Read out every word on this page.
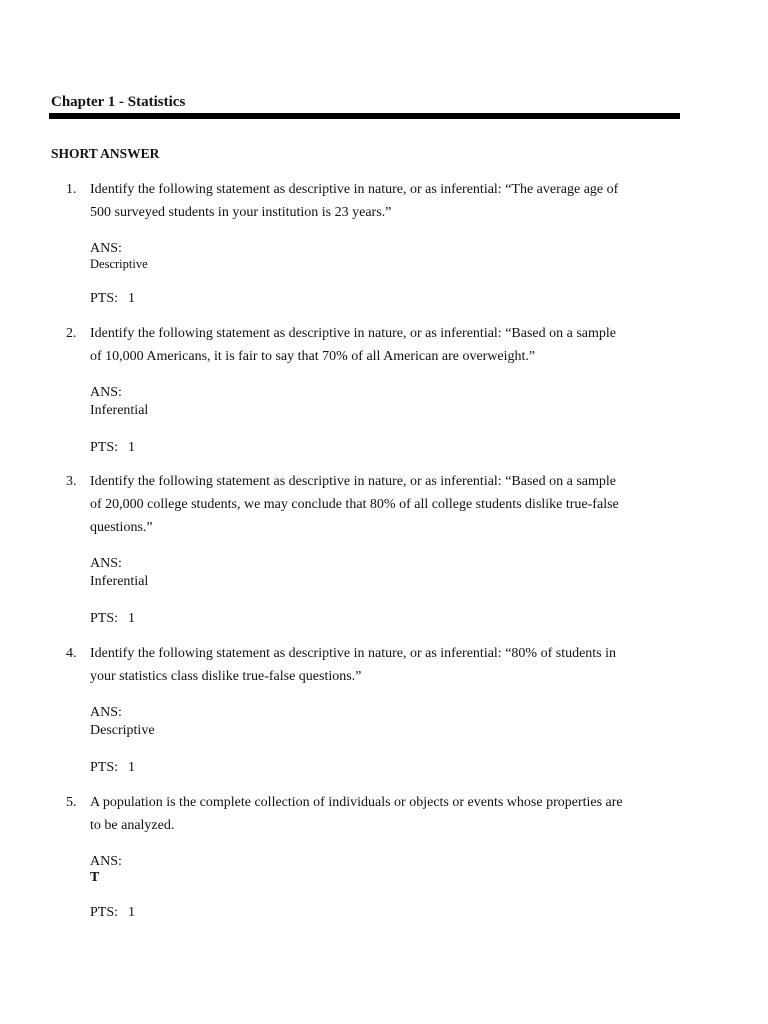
Chapter 1 - Statistics
SHORT ANSWER
1. Identify the following statement as descriptive in nature, or as inferential: “The average age of 500 surveyed students in your institution is 23 years.”
ANS:
Descriptive
PTS: 1
2. Identify the following statement as descriptive in nature, or as inferential: “Based on a sample of 10,000 Americans, it is fair to say that 70% of all American are overweight.”
ANS:
Inferential
PTS: 1
3. Identify the following statement as descriptive in nature, or as inferential: “Based on a sample of 20,000 college students, we may conclude that 80% of all college students dislike true-false questions.”
ANS:
Inferential
PTS: 1
4. Identify the following statement as descriptive in nature, or as inferential: “80% of students in your statistics class dislike true-false questions.”
ANS:
Descriptive
PTS: 1
5. A population is the complete collection of individuals or objects or events whose properties are to be analyzed.
ANS:
T
PTS: 1
